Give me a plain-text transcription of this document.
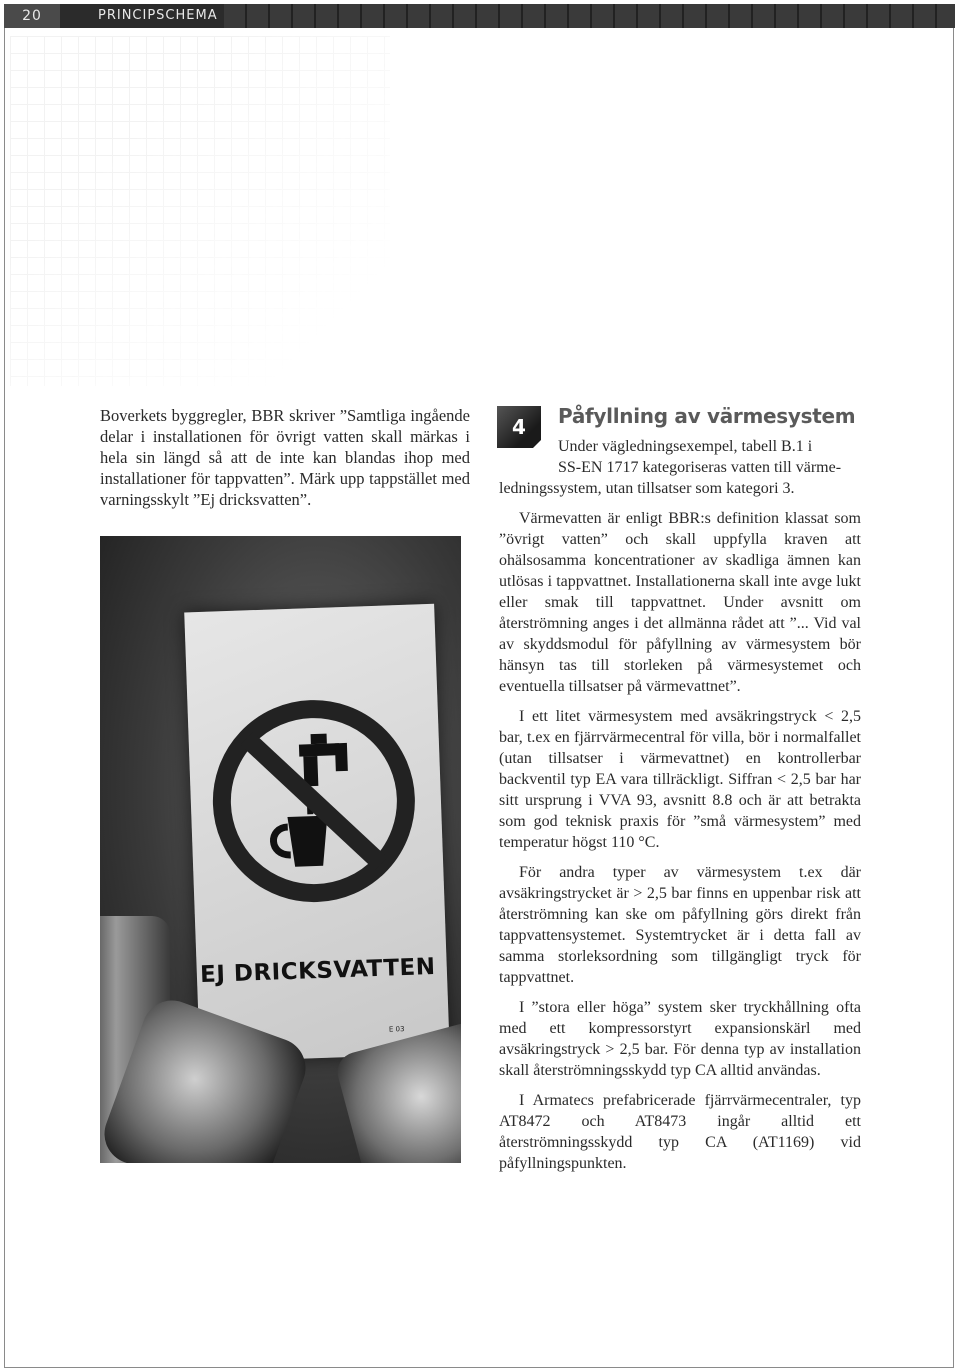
20	PRINCIPSCHEMA

Boverkets byggregler, BBR skriver ”Samtliga ingående delar i installationen för övrigt vatten skall märkas i hela sin längd så att de inte kan blandas ihop med installationer för tappvatten”. Märk upp tappstället med varningsskylt ”Ej dricksvatten”.

EJ DRICKSVATTEN
E 03
4	Påfyllning av värmesystem

Under vägledningsexempel, tabell B.1 i
SS-EN 1717 kategoriseras vatten till värme-
ledningssystem, utan tillsatser som kategori 3.

Värmevatten är enligt BBR:s definition klassat som ”övrigt vatten” och skall uppfylla kraven att ohälsosamma koncentrationer av skadliga ämnen kan utlösas i tappvattnet. Installationerna skall inte avge lukt eller smak till tappvattnet. Under avsnitt om återströmning anges i det allmänna rådet att ”... Vid val av skyddsmodul för påfyllning av värmesystem bör hänsyn tas till storleken på värmesystemet och eventuella tillsatser på värmevattnet”.

I ett litet värmesystem med avsäkringstryck < 2,5 bar, t.ex en fjärrvärmecentral för villa, bör i normalfallet (utan tillsatser i värmevattnet) en kontrollerbar backventil typ EA vara tillräckligt. Siffran < 2,5 bar har sitt ursprung i VVA 93, avsnitt 8.8 och är att betrakta som god teknisk praxis för ”små värmesystem” med temperatur högst 110 °C.

För andra typer av värmesystem t.ex där avsäkringstrycket är > 2,5 bar finns en uppenbar risk att återströmning kan ske om påfyllning görs direkt från tappvattensystemet. Systemtrycket är i detta fall av samma storleksordning som tillgängligt tryck för tappvattnet.

I ”stora eller höga” system sker tryckhållning ofta med ett kompressorstyrt expansionskärl med avsäkringstryck > 2,5 bar. För denna typ av installation skall återströmningsskydd typ CA alltid användas.

I Armatecs prefabricerade fjärrvärmecentraler, typ AT8472 och AT8473 ingår alltid ett återströmningsskydd typ CA (AT1169) vid påfyllningspunkten.
